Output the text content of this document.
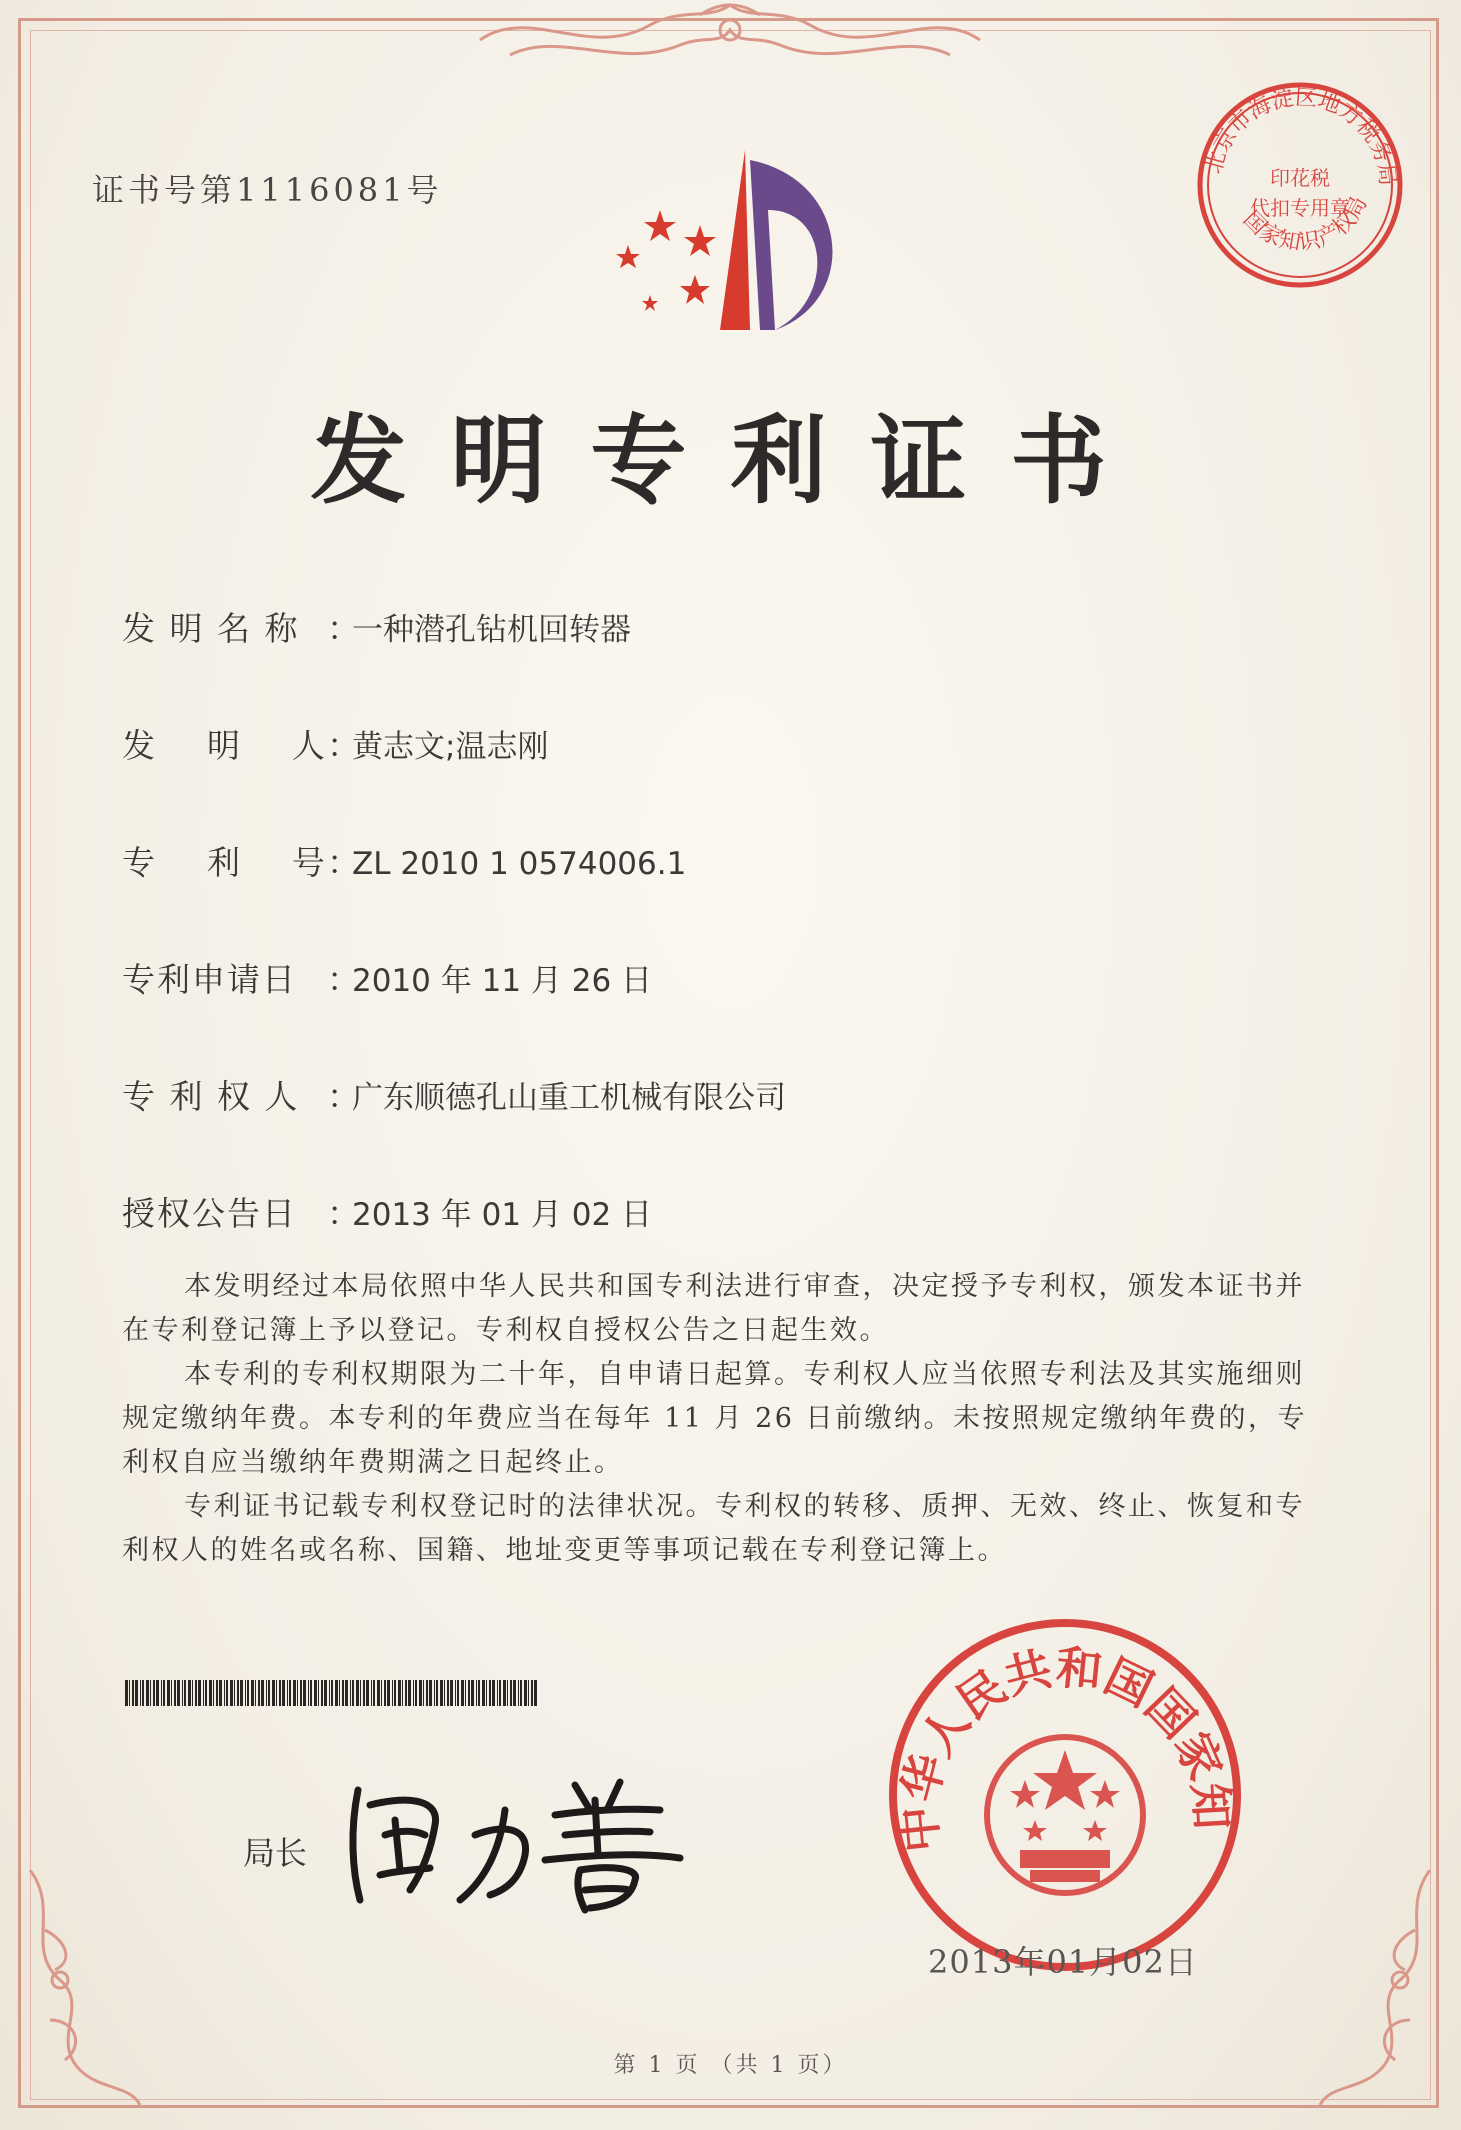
证书号第1116081号
北京市海淀区地方税务局
国家知识产权局
印花税
代扣专用章
发明专利证书
发 明 名 称 ：一种潜孔钻机回转器
发    明    人：黄志文;温志刚
专    利    号：ZL 2010 1 0574006.1
专利申请日 ：2010 年 11 月 26 日
专 利 权 人 ：广东顺德孔山重工机械有限公司
授权公告日 ：2013 年 01 月 02 日

本发明经过本局依照中华人民共和国专利法进行审查，决定授予专利权，颁发本证书并在专利登记簿上予以登记。专利权自授权公告之日起生效。

本专利的专利权期限为二十年，自申请日起算。专利权人应当依照专利法及其实施细则规定缴纳年费。本专利的年费应当在每年 11 月 26 日前缴纳。未按照规定缴纳年费的，专利权自应当缴纳年费期满之日起终止。

专利证书记载专利权登记时的法律状况。专利权的转移、质押、无效、终止、恢复和专利权人的姓名或名称、国籍、地址变更等事项记载在专利登记簿上。

局长	中华人民共和国国家知
2013年01月02日
第 1 页 （共 1 页）
